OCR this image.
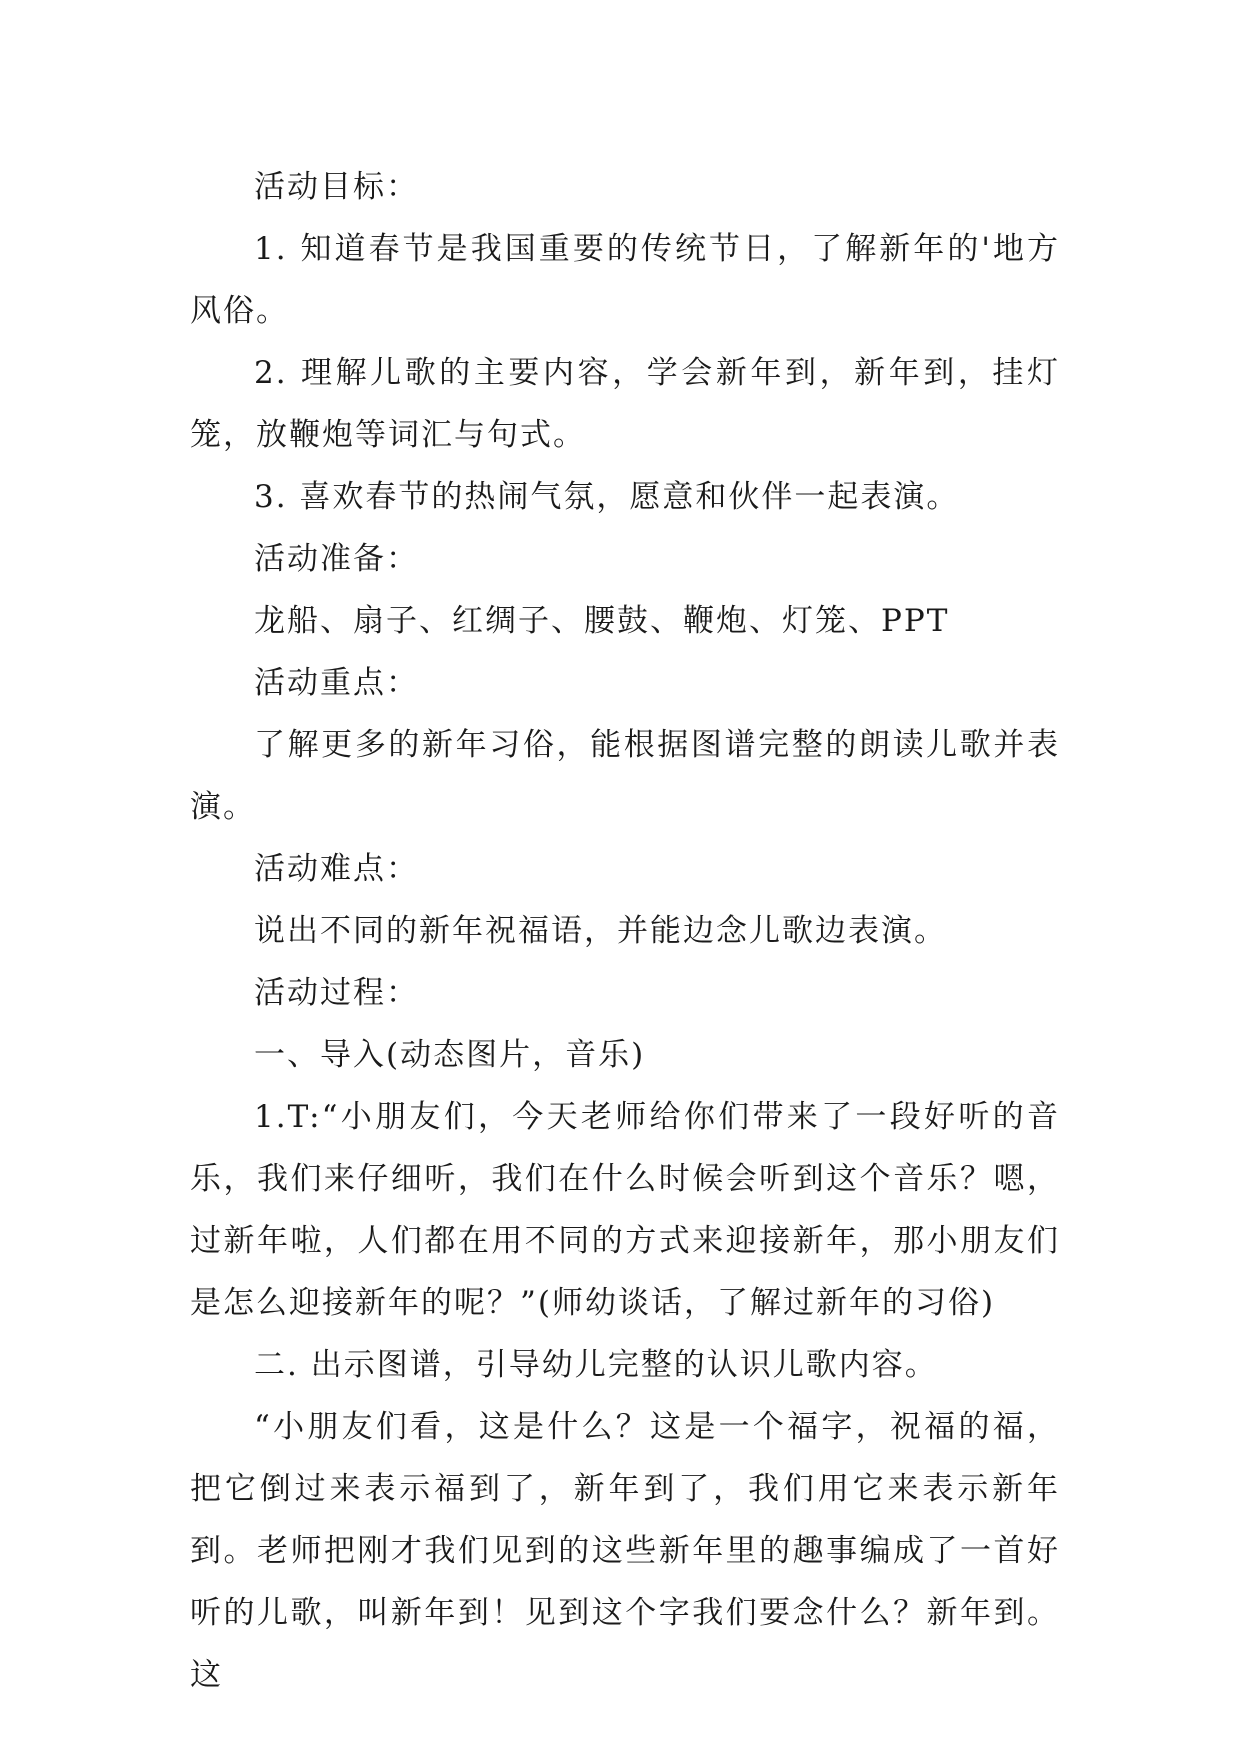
活动目标：

1. 知道春节是我国重要的传统节日，了解新年的'地方风俗。

2. 理解儿歌的主要内容，学会新年到，新年到，挂灯笼，放鞭炮等词汇与句式。

3. 喜欢春节的热闹气氛，愿意和伙伴一起表演。

活动准备：

龙船、扇子、红绸子、腰鼓、鞭炮、灯笼、PPT

活动重点：

了解更多的新年习俗，能根据图谱完整的朗读儿歌并表演。

活动难点：

说出不同的新年祝福语，并能边念儿歌边表演。

活动过程：

一、导入(动态图片，音乐)

1.T:“小朋友们，今天老师给你们带来了一段好听的音乐，我们来仔细听，我们在什么时候会听到这个音乐？嗯，过新年啦，人们都在用不同的方式来迎接新年，那小朋友们是怎么迎接新年的呢？”(师幼谈话，了解过新年的习俗)

二. 出示图谱，引导幼儿完整的认识儿歌内容。

“小朋友们看，这是什么？这是一个福字，祝福的福，把它倒过来表示福到了，新年到了，我们用它来表示新年到。老师把刚才我们见到的这些新年里的趣事编成了一首好听的儿歌，叫新年到！见到这个字我们要念什么？新年到。这
